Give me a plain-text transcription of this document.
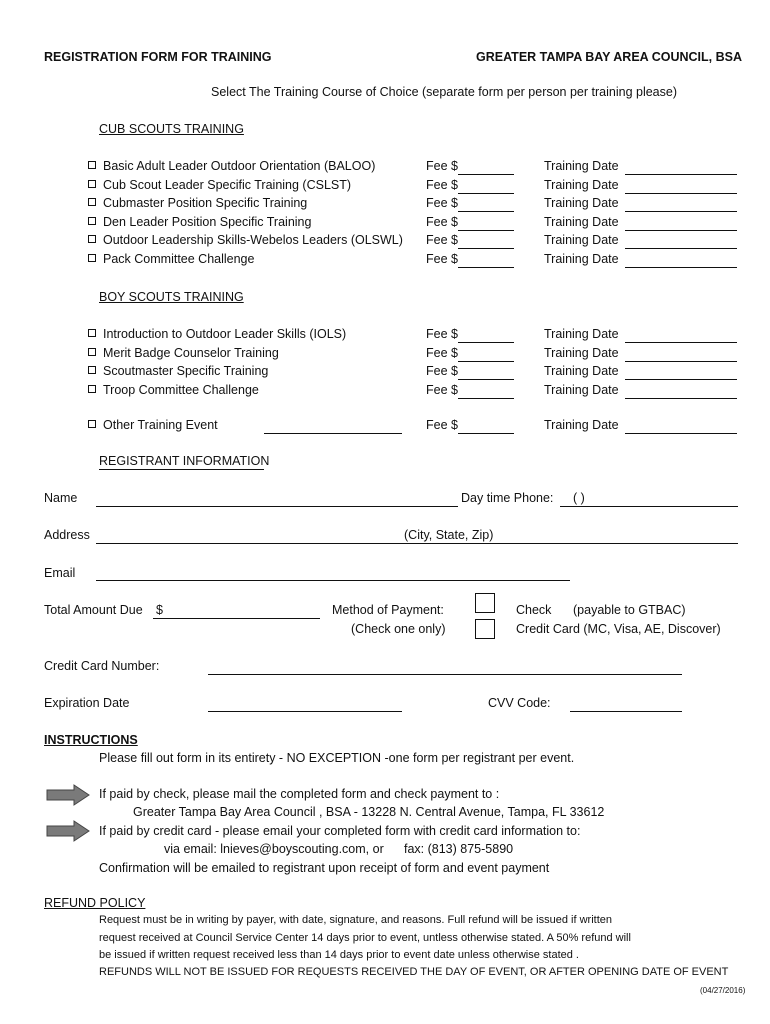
REGISTRATION FORM FOR TRAINING	GREATER TAMPA BAY AREA COUNCIL, BSA
Select The Training Course of Choice (separate form per person per training please)
CUB SCOUTS TRAINING
Basic Adult Leader Outdoor Orientation (BALOO)	Fee $	Training Date
Cub Scout Leader Specific Training (CSLST)	Fee $	Training Date
Cubmaster Position Specific Training	Fee $	Training Date
Den Leader Position Specific Training	Fee $	Training Date
Outdoor Leadership Skills-Webelos Leaders (OLSWL) Fee $	Training Date
Pack Committee Challenge	Fee $	Training Date
BOY SCOUTS TRAINING
Introduction to Outdoor Leader Skills (IOLS)	Fee $	Training Date
Merit Badge Counselor Training	Fee $	Training Date
Scoutmaster Specific Training	Fee $	Training Date
Troop Committee Challenge	Fee $	Training Date
Other Training Event	Fee $	Training Date
REGISTRANT INFORMATION
Name	Day time Phone: ( )
Address	(City, State, Zip)
Email
Total Amount Due $	Method of Payment:
(Check one only)
Check (payable to GTBAC)
Credit Card (MC, Visa, AE, Discover)
Credit Card Number:
Expiration Date	CVV Code:
INSTRUCTIONS
Please fill out form in its entirety - NO EXCEPTION -one form per registrant per event.
If paid by check, please mail the completed form and check payment to :
Greater Tampa Bay Area Council , BSA - 13228 N. Central Avenue, Tampa, FL 33612
If paid by credit card - please email your completed form with credit card information to:
via email: lnieves@boyscouting.com, or fax: (813) 875-5890
Confirmation will be emailed to registrant upon receipt of form and event payment
REFUND POLICY
Request must be in writing by payer, with date, signature, and reasons. Full refund will be issued if written
request received at Council Service Center 14 days prior to event, untless otherwise stated. A 50% refund will
be issued if written request received less than 14 days prior to event date unless otherwise stated .
REFUNDS WILL NOT BE ISSUED FOR REQUESTS RECEIVED THE DAY OF EVENT, OR AFTER OPENING DATE OF EVENT
(04/27/2016)
